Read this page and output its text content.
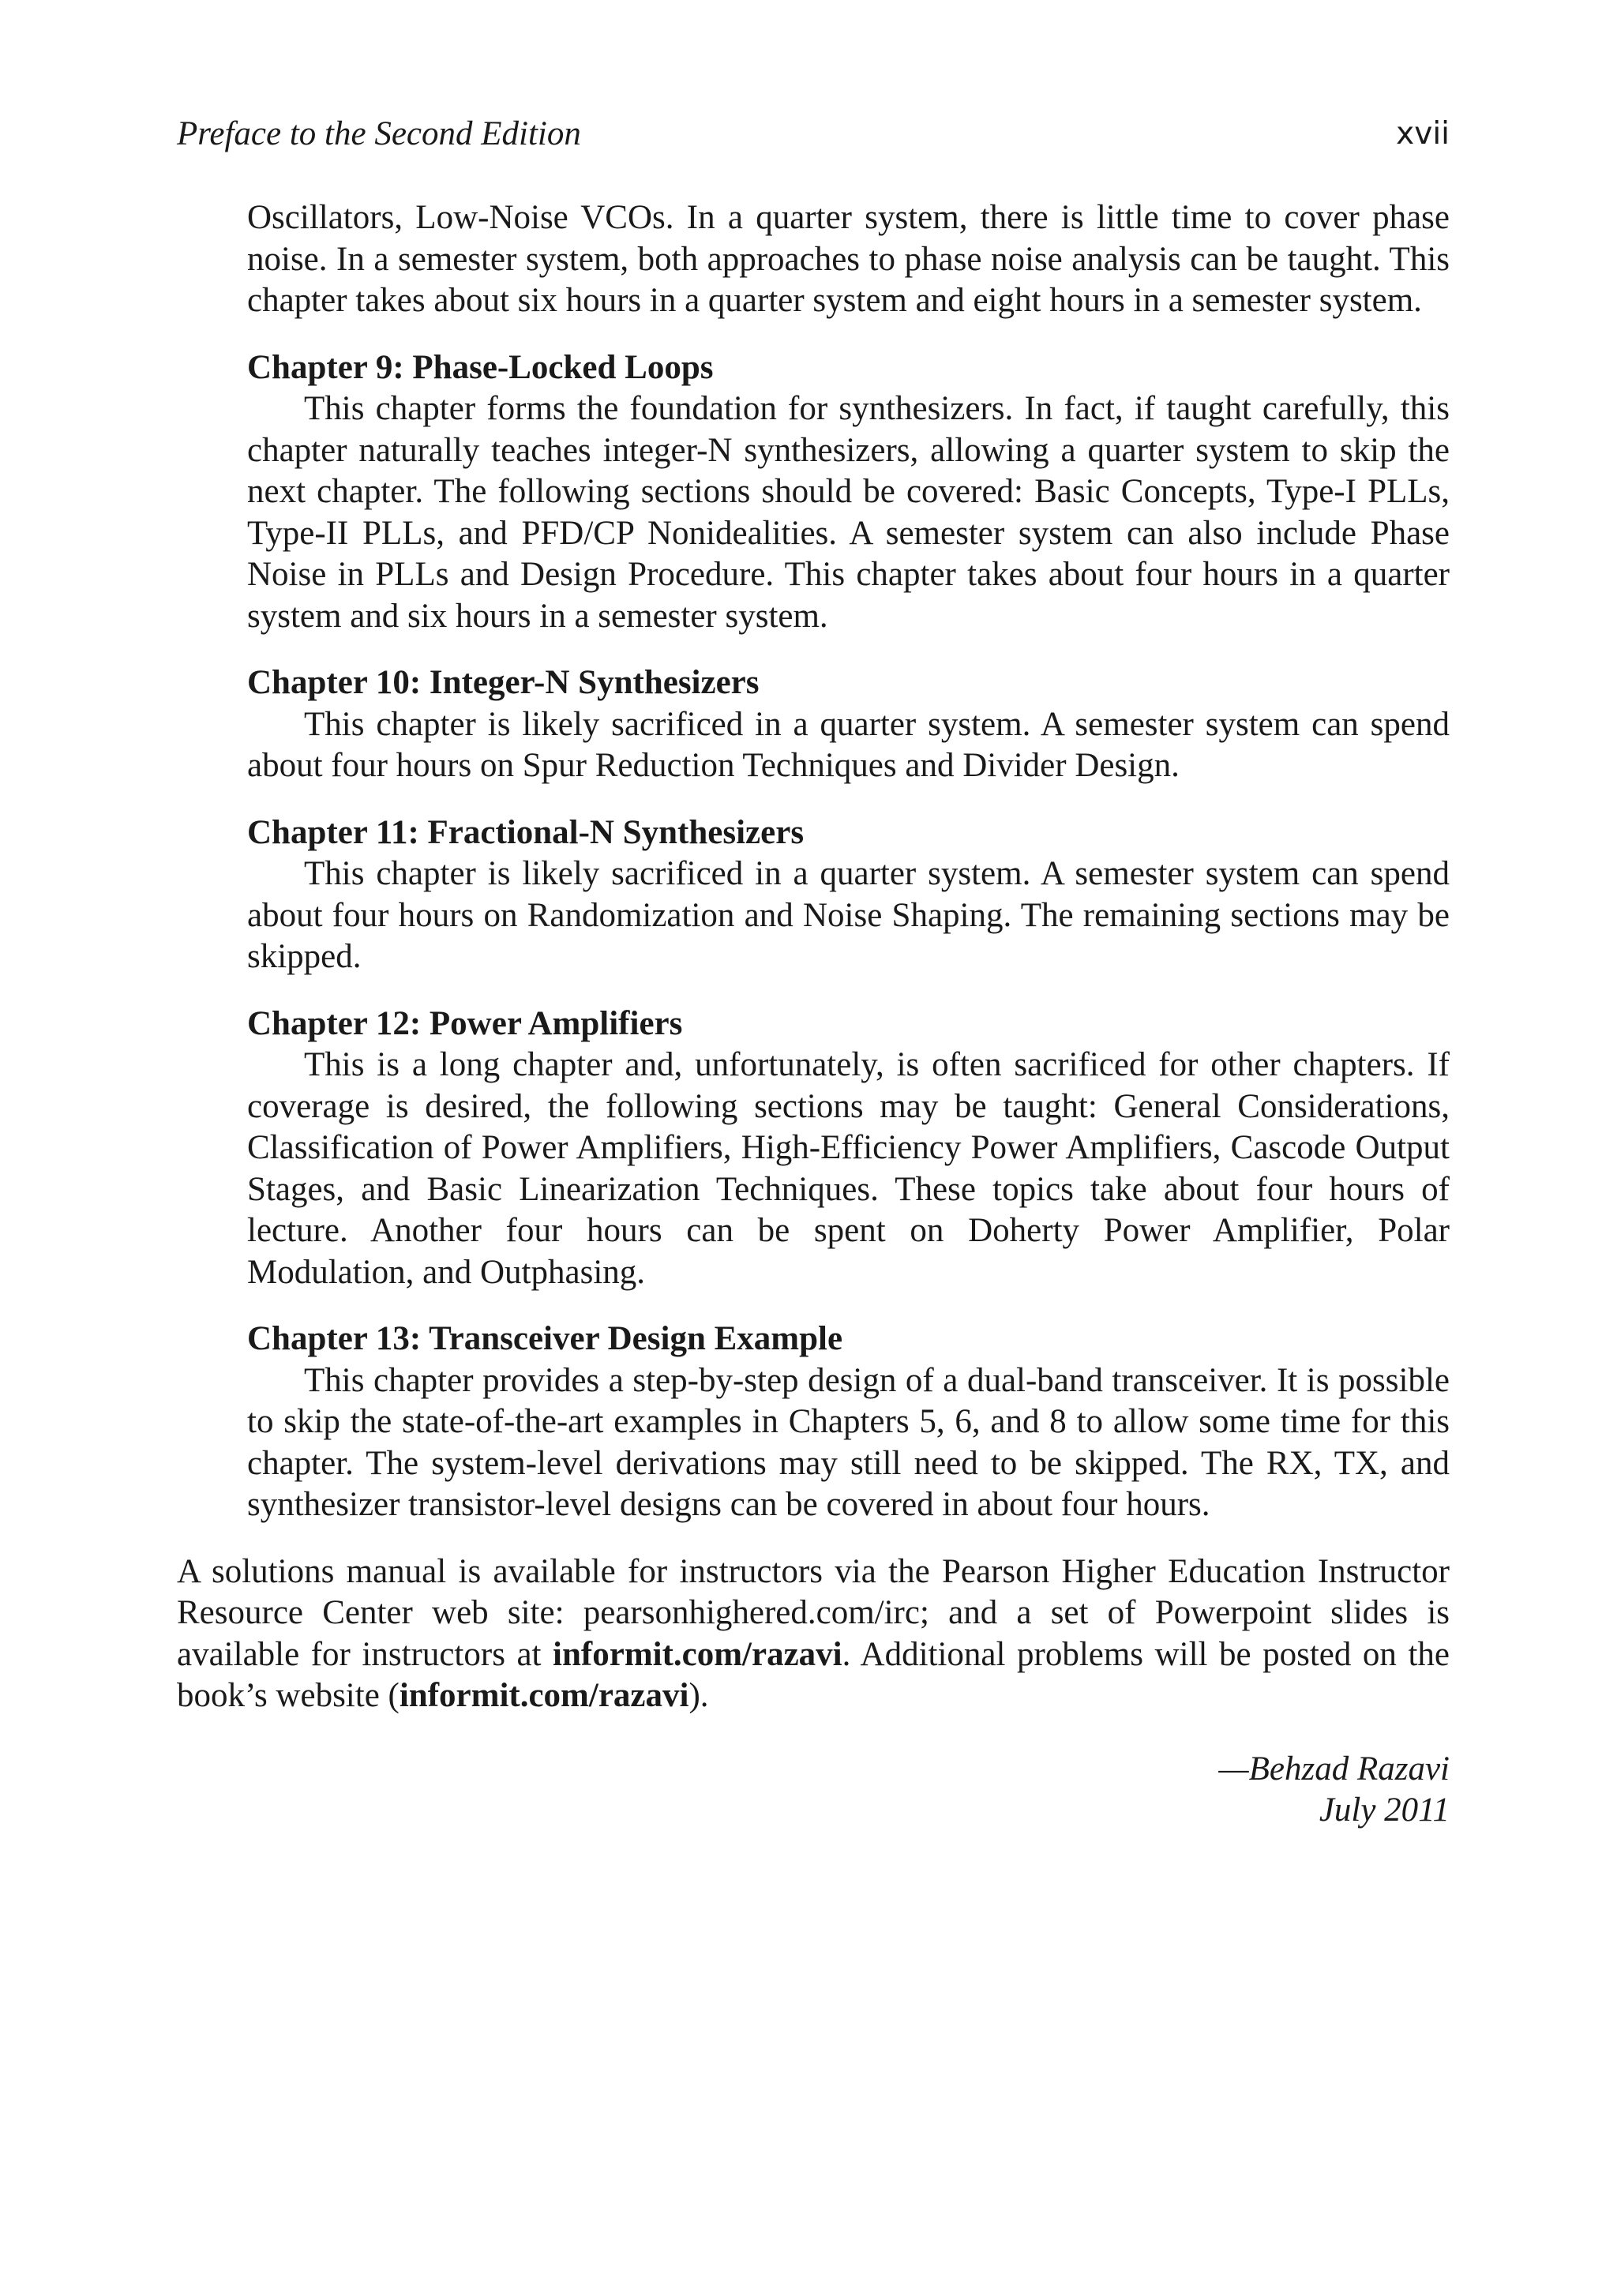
Preface to the Second Edition	xvii

Oscillators, Low-Noise VCOs. In a quarter system, there is little time to cover phase noise. In a semester system, both approaches to phase noise analysis can be taught. This chapter takes about six hours in a quarter system and eight hours in a semester system.

Chapter 9: Phase-Locked Loops

This chapter forms the foundation for synthesizers. In fact, if taught carefully, this chapter naturally teaches integer-N synthesizers, allowing a quarter system to skip the next chapter. The following sections should be covered: Basic Concepts, Type-I PLLs, Type-II PLLs, and PFD/CP Nonidealities. A semester system can also include Phase Noise in PLLs and Design Procedure. This chapter takes about four hours in a quarter system and six hours in a semester system.

Chapter 10: Integer-N Synthesizers

This chapter is likely sacrificed in a quarter system. A semester system can spend about four hours on Spur Reduction Techniques and Divider Design.

Chapter 11: Fractional-N Synthesizers

This chapter is likely sacrificed in a quarter system. A semester system can spend about four hours on Randomization and Noise Shaping. The remaining sections may be skipped.

Chapter 12: Power Amplifiers

This is a long chapter and, unfortunately, is often sacrificed for other chapters. If coverage is desired, the following sections may be taught: General Considerations, Classification of Power Amplifiers, High-Efficiency Power Amplifiers, Cascode Output Stages, and Basic Linearization Techniques. These topics take about four hours of lecture. Another four hours can be spent on Doherty Power Amplifier, Polar Modulation, and Outphasing.

Chapter 13: Transceiver Design Example

This chapter provides a step-by-step design of a dual-band transceiver. It is possible to skip the state-of-the-art examples in Chapters 5, 6, and 8 to allow some time for this chapter. The system-level derivations may still need to be skipped. The RX, TX, and synthesizer transistor-level designs can be covered in about four hours.

A solutions manual is available for instructors via the Pearson Higher Education Instructor Resource Center web site: pearsonhighered.com/irc; and a set of Powerpoint slides is available for instructors at informit.com/razavi. Additional problems will be posted on the book’s website (informit.com/razavi).

—Behzad Razavi
July 2011
